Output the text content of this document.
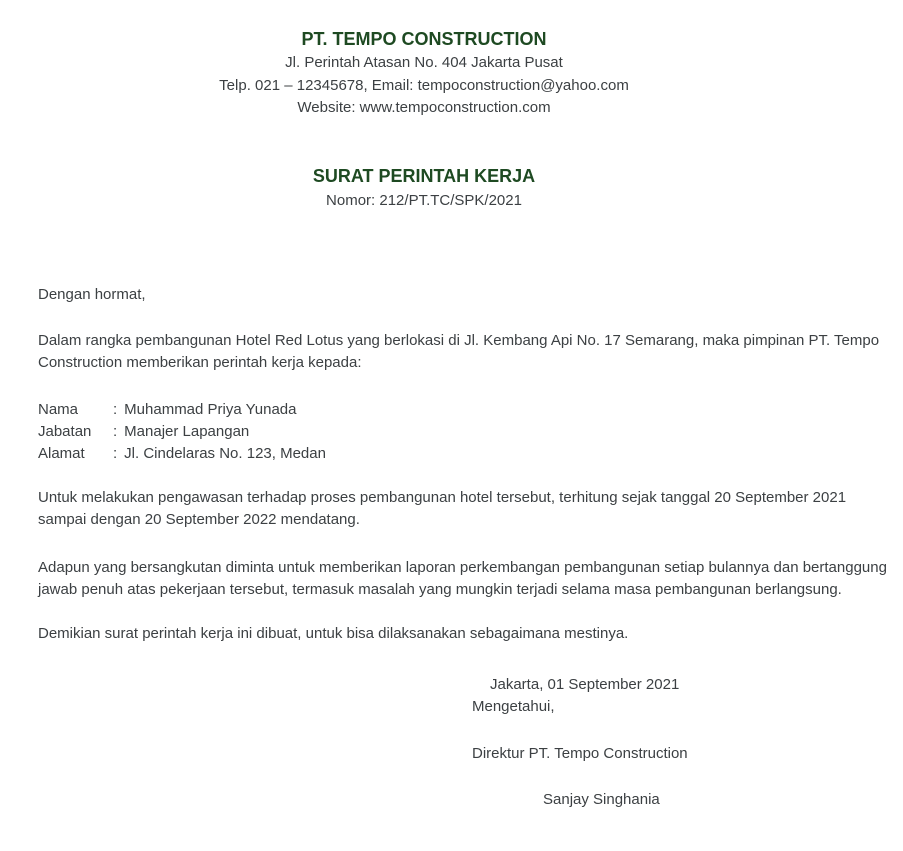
PT. TEMPO CONSTRUCTION
Jl. Perintah Atasan No. 404 Jakarta Pusat
Telp. 021 – 12345678, Email: tempoconstruction@yahoo.com
Website: www.tempoconstruction.com
SURAT PERINTAH KERJA
Nomor: 212/PT.TC/SPK/2021

Dengan hormat,

Dalam rangka pembangunan Hotel Red Lotus yang berlokasi di Jl. Kembang Api No. 17 Semarang, maka pimpinan PT. Tempo Construction memberikan perintah kerja kepada:

Nama	: Muhammad Priya Yunada
Jabatan	: Manajer Lapangan
Alamat	: Jl. Cindelaras No. 123, Medan

Untuk melakukan pengawasan terhadap proses pembangunan hotel tersebut, terhitung sejak tanggal 20 September 2021 sampai dengan 20 September 2022 mendatang.

Adapun yang bersangkutan diminta untuk memberikan laporan perkembangan pembangunan setiap bulannya dan bertanggung jawab penuh atas pekerjaan tersebut, termasuk masalah yang mungkin terjadi selama masa pembangunan berlangsung.

Demikian surat perintah kerja ini dibuat, untuk bisa dilaksanakan sebagaimana mestinya.

Jakarta, 01 September 2021
Mengetahui,
Direktur PT. Tempo Construction
Sanjay Singhania
